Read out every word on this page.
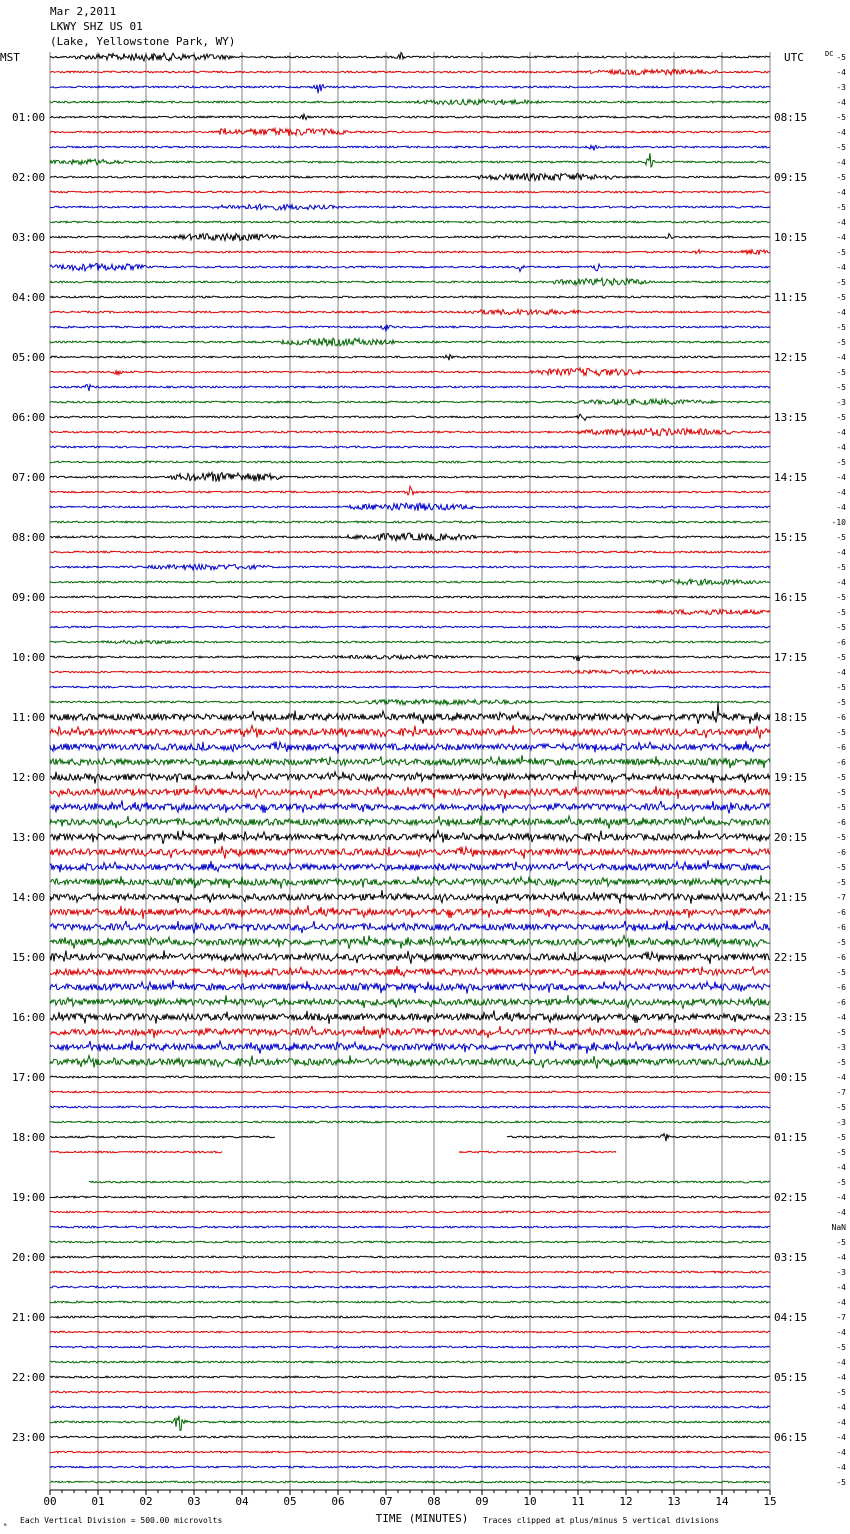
Mar 2,2011
LKWY SHZ US 01
(Lake, Yellowstone Park, WY)
MST	UTC
01:00
02:00
03:00
04:00
05:00
06:00
07:00
08:00
09:00
10:00
11:00
12:00
13:00
14:00
15:00
16:00
17:00
18:00
19:00
20:00
21:00
22:00
23:00
08:15
09:15
10:15
11:15
12:15
13:15
14:15
15:15
16:15
17:15
18:15
19:15
20:15
21:15
22:15
23:15
00:15
01:15
02:15
03:15
04:15
05:15
06:15
00	01	02	03	04	05	06	07	08	09	10	11	12	13	14	15
TIME (MINUTES)
DC -5
-4
-3
-4
-5
-4
-5
-4
-5
-4
-5
-4
-4
-5
-4
-5
-5
-4
-5
-5
-4
-5
-5
-3
-5
-4
-4
-5
-4
-4
-4
-10
-5
-4
-5
-4
-5
-5
-5
-6
-5
-4
-5
-5
-6
-5
-6
-6
-5
-5
-5
-6
-5
-6
-5
-5
-7
-6
-6
-5
-6
-5
-6
-6
-4
-5
-3
-5
-4
-7
-5
-3
-5
-5
-4
-5
-4
-4
NaN
-5
-4
-3
-4
-4
-7
-4
-5
-4
-4
-5
-4
-4
-4
-4
-4
-5
ₘ Each Vertical Division = 500.00 microvolts	Traces clipped at plus/minus 5 vertical divisions
